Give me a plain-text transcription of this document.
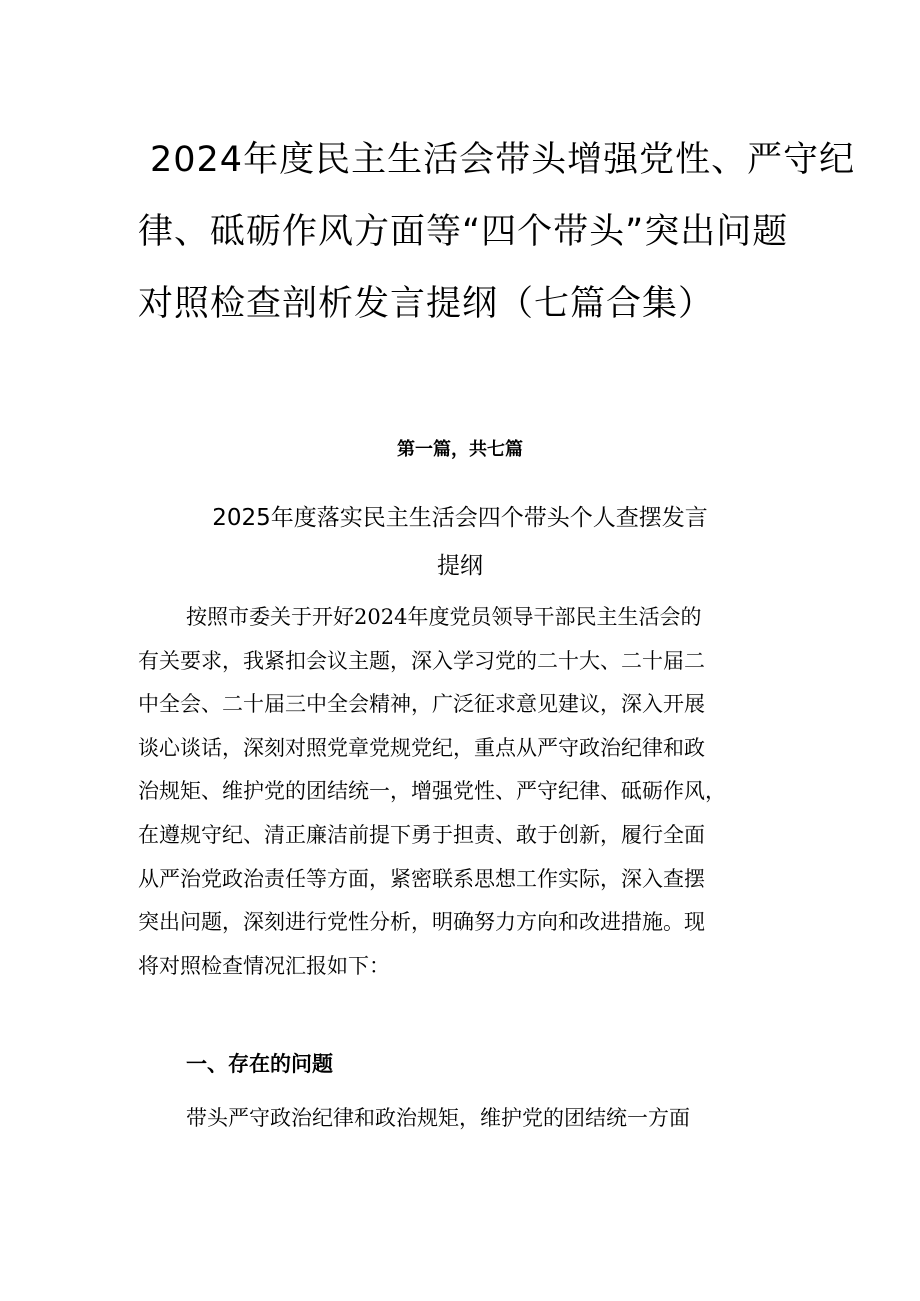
2024年度民主生活会带头增强党性、严守纪
律、砥砺作风方面等“四个带头”突出问题
对照检查剖析发言提纲（七篇合集）
第一篇，共七篇
2025年度落实民主生活会四个带头个人查摆发言
提纲
按照市委关于开好2024年度党员领导干部民主生活会的
有关要求，我紧扣会议主题，深入学习党的二十大、二十届二
中全会、二十届三中全会精神，广泛征求意见建议，深入开展
谈心谈话，深刻对照党章党规党纪，重点从严守政治纪律和政
治规矩、维护党的团结统一，增强党性、严守纪律、砥砺作风，
在遵规守纪、清正廉洁前提下勇于担责、敢于创新，履行全面
从严治党政治责任等方面，紧密联系思想工作实际，深入查摆
突出问题，深刻进行党性分析，明确努力方向和改进措施。现
将对照检查情况汇报如下：
一、存在的问题
带头严守政治纪律和政治规矩，维护党的团结统一方面
